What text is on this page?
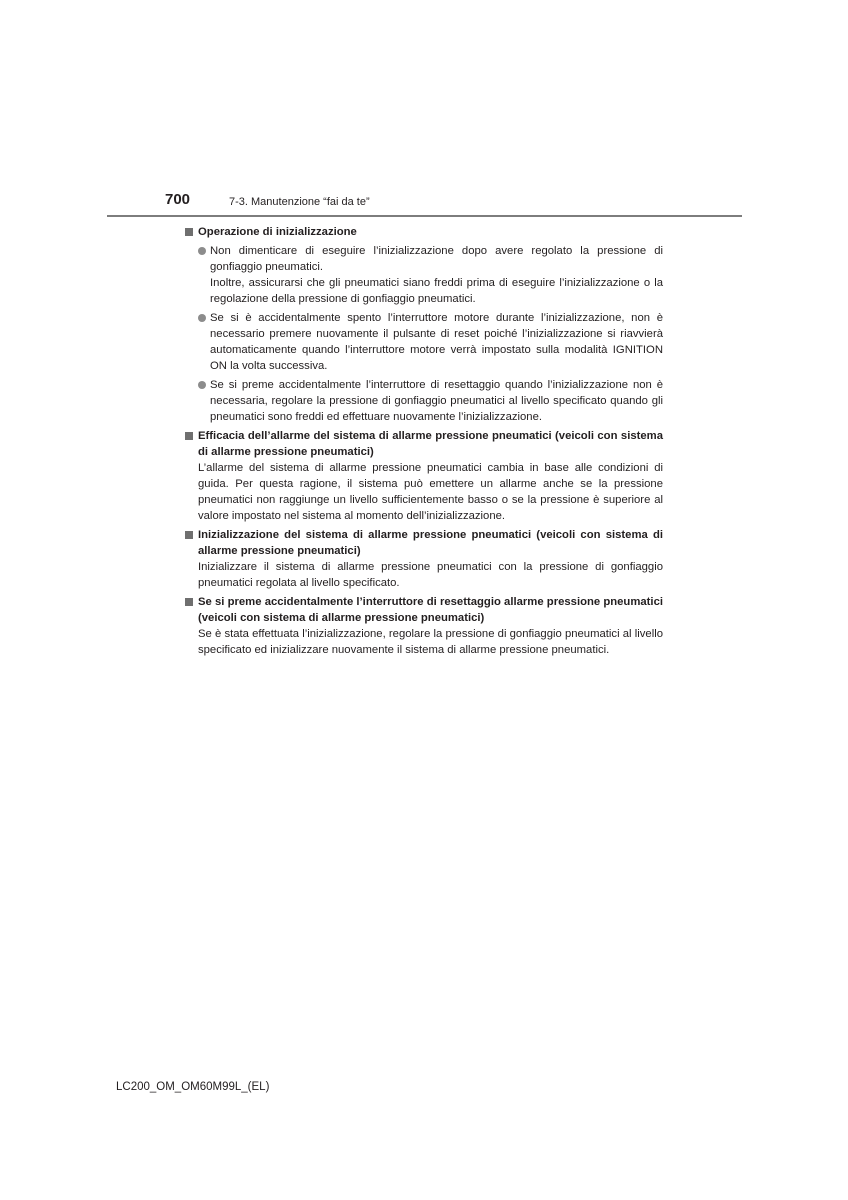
700	7-3. Manutenzione “fai da te”
Operazione di inizializzazione
Non dimenticare di eseguire l’inizializzazione dopo avere regolato la pressione di gonfiaggio pneumatici.
Inoltre, assicurarsi che gli pneumatici siano freddi prima di eseguire l’inizializzazione o la regolazione della pressione di gonfiaggio pneumatici.
Se si è accidentalmente spento l’interruttore motore durante l’inizializzazione, non è necessario premere nuovamente il pulsante di reset poiché l’inizializzazione si riavvierà automaticamente quando l’interruttore motore verrà impostato sulla modalità IGNITION ON la volta successiva.
Se si preme accidentalmente l’interruttore di resettaggio quando l’inizializzazione non è necessaria, regolare la pressione di gonfiaggio pneumatici al livello specificato quando gli pneumatici sono freddi ed effettuare nuovamente l’inizializzazione.
Efficacia dell’allarme del sistema di allarme pressione pneumatici (veicoli con sistema di allarme pressione pneumatici)
L’allarme del sistema di allarme pressione pneumatici cambia in base alle condizioni di guida. Per questa ragione, il sistema può emettere un allarme anche se la pressione pneumatici non raggiunge un livello sufficientemente basso o se la pressione è superiore al valore impostato nel sistema al momento dell’inizializzazione.
Inizializzazione del sistema di allarme pressione pneumatici (veicoli con sistema di allarme pressione pneumatici)
Inizializzare il sistema di allarme pressione pneumatici con la pressione di gonfiaggio pneumatici regolata al livello specificato.
Se si preme accidentalmente l’interruttore di resettaggio allarme pressione pneumatici (veicoli con sistema di allarme pressione pneumatici)
Se è stata effettuata l’inizializzazione, regolare la pressione di gonfiaggio pneumatici al livello specificato ed inizializzare nuovamente il sistema di allarme pressione pneumatici.
LC200_OM_OM60M99L_(EL)
